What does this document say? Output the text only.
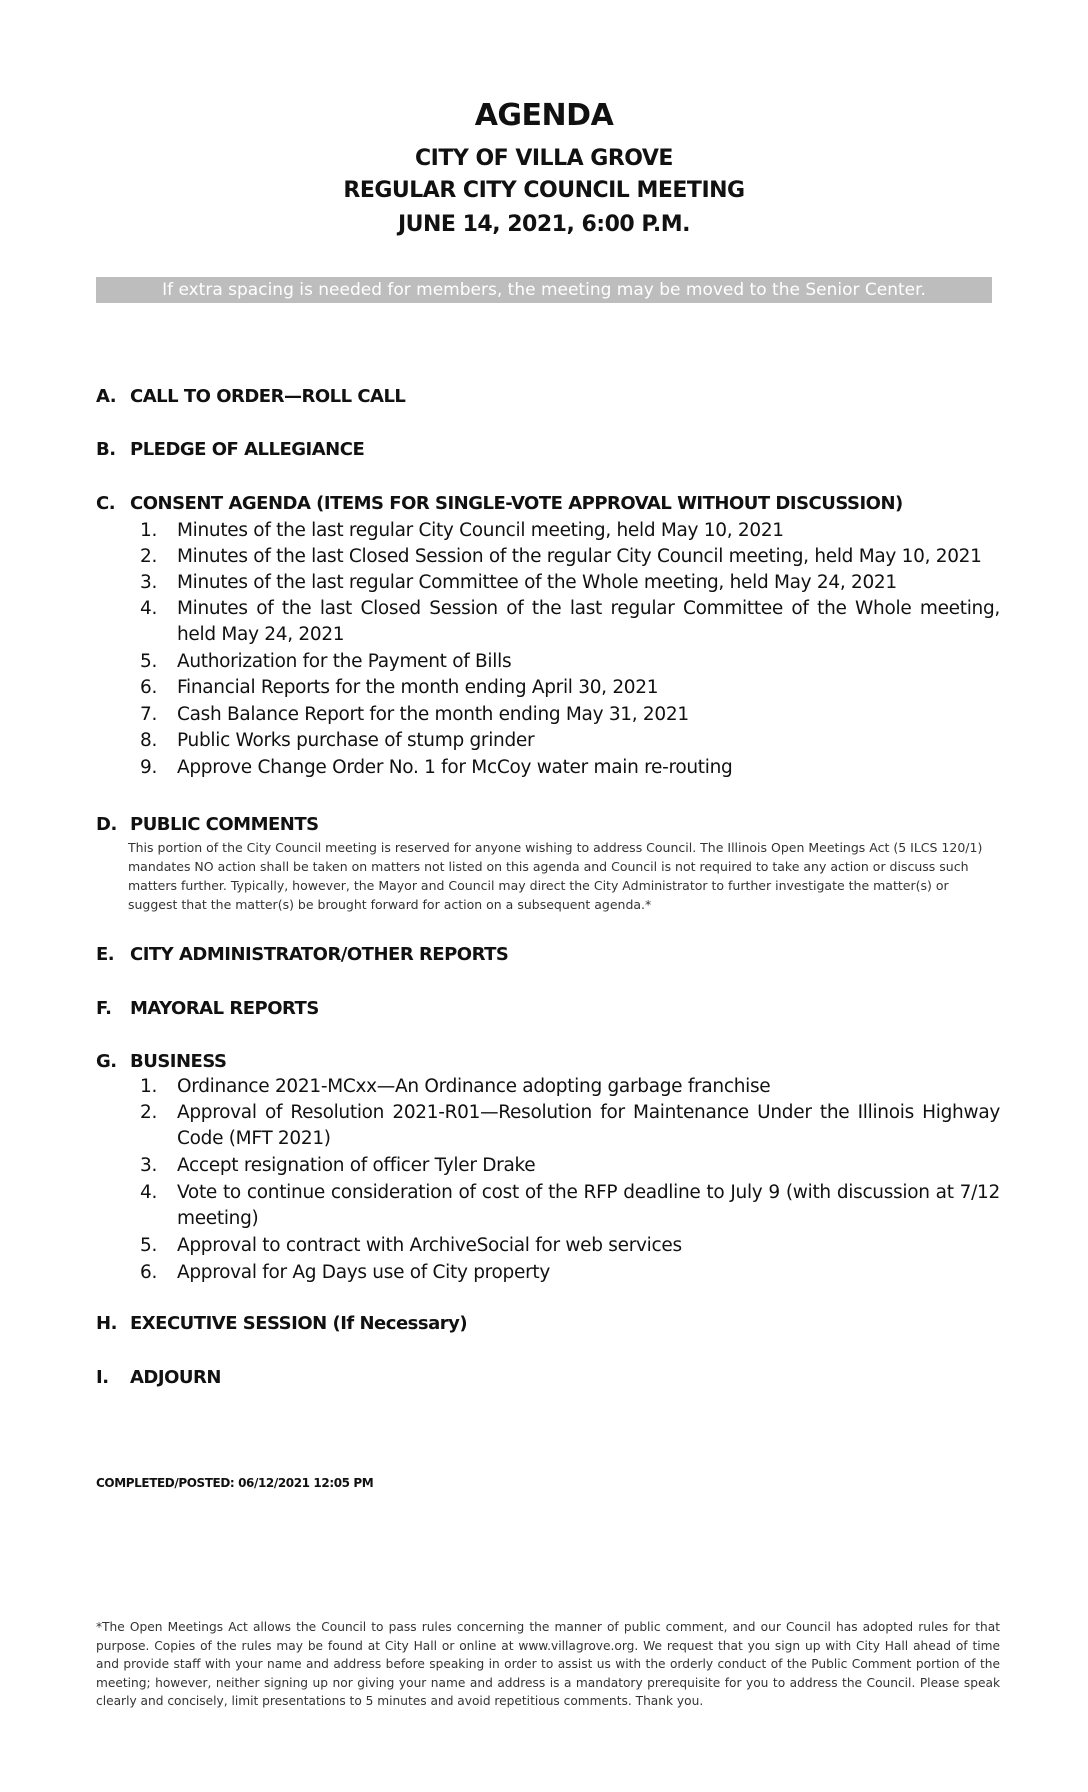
AGENDA
CITY OF VILLA GROVE
REGULAR CITY COUNCIL MEETING
JUNE 14, 2021, 6:00 P.M.
If extra spacing is needed for members, the meeting may be moved to the Senior Center.
A. CALL TO ORDER—ROLL CALL
B. PLEDGE OF ALLEGIANCE
C. CONSENT AGENDA (ITEMS FOR SINGLE-VOTE APPROVAL WITHOUT DISCUSSION)
1.	Minutes of the last regular City Council meeting, held May 10, 2021
2.	Minutes of the last Closed Session of the regular City Council meeting, held May 10, 2021
3.	Minutes of the last regular Committee of the Whole meeting, held May 24, 2021
4.	Minutes of the last Closed Session of the last regular Committee of the Whole meeting, held May 24, 2021
5.	Authorization for the Payment of Bills
6.	Financial Reports for the month ending April 30, 2021
7.	Cash Balance Report for the month ending May 31, 2021
8.	Public Works purchase of stump grinder
9.	Approve Change Order No. 1 for McCoy water main re-routing
D. PUBLIC COMMENTS
This portion of the City Council meeting is reserved for anyone wishing to address Council. The Illinois Open Meetings Act (5 ILCS 120/1) mandates NO action shall be taken on matters not listed on this agenda and Council is not required to take any action or discuss such matters further. Typically, however, the Mayor and Council may direct the City Administrator to further investigate the matter(s) or suggest that the matter(s) be brought forward for action on a subsequent agenda.*
E. CITY ADMINISTRATOR/OTHER REPORTS
F. MAYORAL REPORTS
G. BUSINESS
1.	Ordinance 2021-MCxx—An Ordinance adopting garbage franchise
2.	Approval of Resolution 2021-R01—Resolution for Maintenance Under the Illinois Highway Code (MFT 2021)
3.	Accept resignation of officer Tyler Drake
4.	Vote to continue consideration of cost of the RFP deadline to July 9 (with discussion at 7/12 meeting)
5.	Approval to contract with ArchiveSocial for web services
6.	Approval for Ag Days use of City property
H. EXECUTIVE SESSION (If Necessary)
I. ADJOURN
COMPLETED/POSTED: 06/12/2021 12:05 PM
*The Open Meetings Act allows the Council to pass rules concerning the manner of public comment, and our Council has adopted rules for that purpose. Copies of the rules may be found at City Hall or online at www.villagrove.org. We request that you sign up with City Hall ahead of time and provide staff with your name and address before speaking in order to assist us with the orderly conduct of the Public Comment portion of the meeting; however, neither signing up nor giving your name and address is a mandatory prerequisite for you to address the Council. Please speak clearly and concisely, limit presentations to 5 minutes and avoid repetitious comments. Thank you.
